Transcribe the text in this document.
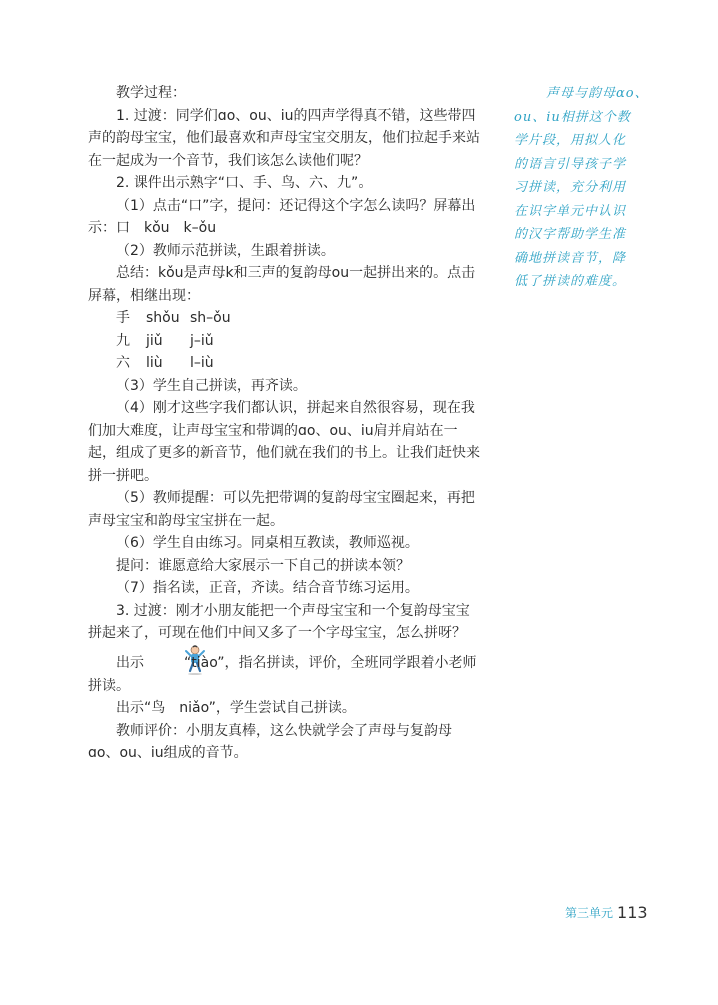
教学过程：

1. 过渡：同学们ɑo、ou、iu的四声学得真不错，这些带四声的韵母宝宝，他们最喜欢和声母宝宝交朋友，他们拉起手来站在一起成为一个音节，我们该怎么读他们呢？

2. 课件出示熟字“口、手、鸟、六、九”。

（1）点击“口”字，提问：还记得这个字怎么读吗？屏幕出示：口　kǒu　k–ǒu

（2）教师示范拼读，生跟着拼读。

总结：kǒu是声母k和三声的复韵母ou一起拼出来的。点击屏幕，相继出现：

手 shǒu sh–ǒu

九 jiǔ j–iǔ

六 liù l–iù

（3）学生自己拼读，再齐读。

（4）刚才这些字我们都认识，拼起来自然很容易，现在我们加大难度，让声母宝宝和带调的ɑo、ou、iu肩并肩站在一起，组成了更多的新音节，他们就在我们的书上。让我们赶快来拼一拼吧。

（5）教师提醒：可以先把带调的复韵母宝宝圈起来，再把声母宝宝和韵母宝宝拼在一起。

（6）学生自由练习。同桌相互教读，教师巡视。

提问：谁愿意给大家展示一下自己的拼读本领？

（7）指名读，正音，齐读。结合音节练习运用。

3. 过渡：刚才小朋友能把一个声母宝宝和一个复韵母宝宝拼起来了，可现在他们中间又多了一个字母宝宝，怎么拼呀？

出示	“tiào”，指名拼读，评价，全班同学跟着小老师拼读。

出示“鸟　niǎo”，学生尝试自己拼读。

教师评价：小朋友真棒，这么快就学会了声母与复韵母ɑo、ou、iu组成的音节。

声母与韵母ɑo、
ou、iu相拼这个教
学片段，用拟人化
的语言引导孩子学
习拼读，充分利用
在识字单元中认识
的汉字帮助学生准
确地拼读音节，降
低了拼读的难度。
第三单元 113
